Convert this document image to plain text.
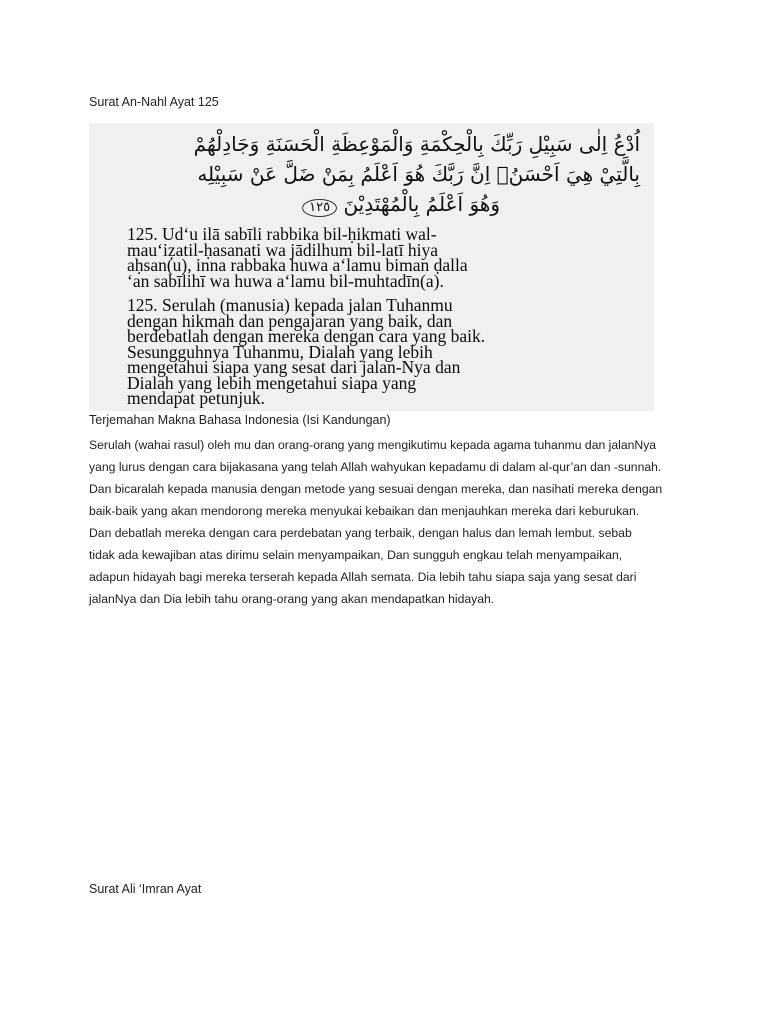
Surat An-Nahl Ayat 125
اُدْعُ اِلٰى سَبِيْلِ رَبِّكَ بِالْحِكْمَةِ وَالْمَوْعِظَةِ الْحَسَنَةِ وَجَادِلْهُمْ
بِالَّتِيْ هِيَ اَحْسَنُۗ اِنَّ رَبَّكَ هُوَ اَعْلَمُ بِمَنْ ضَلَّ عَنْ سَبِيْلِه
وَهُوَ اَعْلَمُ بِالْمُهْتَدِيْنَ ١٢٥

125. Ud‘u ilā sabīli rabbika bil-ḥikmati wal-
mau‘iẓatil-ḥasanati wa jādilhum bil-latī hiya
aḥsan(u), inna rabbaka huwa a‘lamu biman ḍalla
‘an sabīlihī wa huwa a‘lamu bil-muhtadīn(a).

125. Serulah (manusia) kepada jalan Tuhanmu
dengan hikmah dan pengajaran yang baik, dan
berdebatlah dengan mereka dengan cara yang baik.
Sesungguhnya Tuhanmu, Dialah yang lebih
mengetahui siapa yang sesat dari jalan-Nya dan
Dialah yang lebih mengetahui siapa yang
mendapat petunjuk.

Terjemahan Makna Bahasa Indonesia (Isi Kandungan)

Serulah (wahai rasul) oleh mu dan orang-orang yang mengikutimu kepada agama tuhanmu dan jalanNya
yang lurus dengan cara bijakasana yang telah Allah wahyukan kepadamu di dalam al-qur’an dan -sunnah.
Dan bicaralah kepada manusia dengan metode yang sesuai dengan mereka, dan nasihati mereka dengan
baik-baik yang akan mendorong mereka menyukai kebaikan dan menjauhkan mereka dari keburukan.
Dan debatlah mereka dengan cara perdebatan yang terbaik, dengan halus dan lemah lembut. sebab
tidak ada kewajiban atas dirimu selain menyampaikan, Dan sungguh engkau telah menyampaikan,
adapun hidayah bagi mereka terserah kepada Allah semata. Dia lebih tahu siapa saja yang sesat dari
jalanNya dan Dia lebih tahu orang-orang yang akan mendapatkan hidayah.

Surat Ali ‘Imran Ayat
